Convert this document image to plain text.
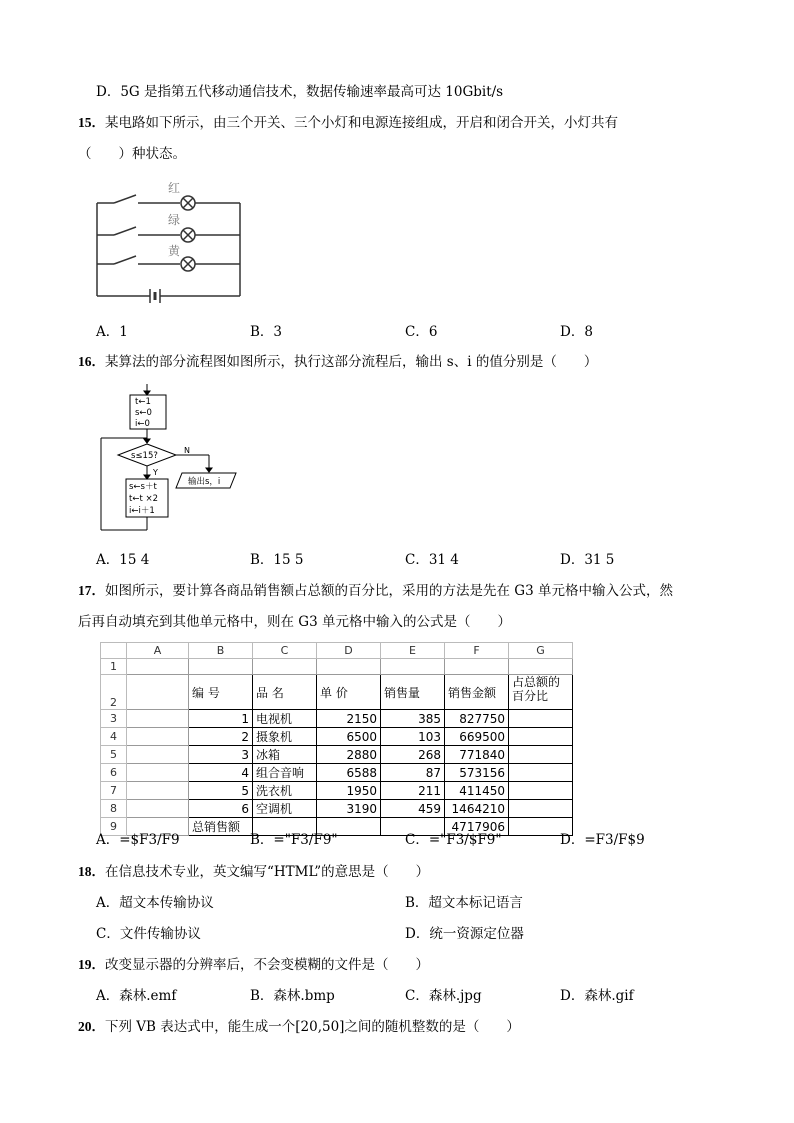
D．5G 是指第五代移动通信技术，数据传输速率最高可达 10Gbit/s
15．某电路如下所示，由三个开关、三个小灯和电源连接组成，开启和闭合开关，小灯共有
（　　）种状态。
红
绿
黄
A．1	B．3	C．6	D．8
16．某算法的部分流程图如图所示，执行这部分流程后，输出 s、i 的值分别是（　　）
t←1
s←0
i←0
s≤15?
N
Y
输出s，i
s←s＋t
t←t ×2
i←i＋1
A．15 4	B．15 5	C．31 4	D．31 5
17．如图所示，要计算各商品销售额占总额的百分比，采用的方法是先在 G3 单元格中输入公式，然
后再自动填充到其他单元格中，则在 G3 单元格中输入的公式是（　　）
	A	B	C	D	E	F	G
1							
2		编 号	品 名	单 价	销售量	销售金额	占总额的百分比
3		1	电视机	2150	385	827750	
4		2	摄象机	6500	103	669500	
5		3	冰箱	2880	268	771840	
6		4	组合音响	6588	87	573156	
7		5	洗衣机	1950	211	411450	
8		6	空调机	3190	459	1464210	
9		总销售额				4717906	
A．=$F3/F9	B．="F3/F9"	C．="F3/$F9"	D．=F3/F$9
18．在信息技术专业，英文编写“HTML”的意思是（　　）
A．超文本传输协议	B．超文本标记语言
C．文件传输协议	D．统一资源定位器
19．改变显示器的分辨率后，不会变模糊的文件是（　　）
A．森林.emf	B．森林.bmp	C．森林.jpg	D．森林.gif
20．下列 VB 表达式中，能生成一个[20,50]之间的随机整数的是（　　）
